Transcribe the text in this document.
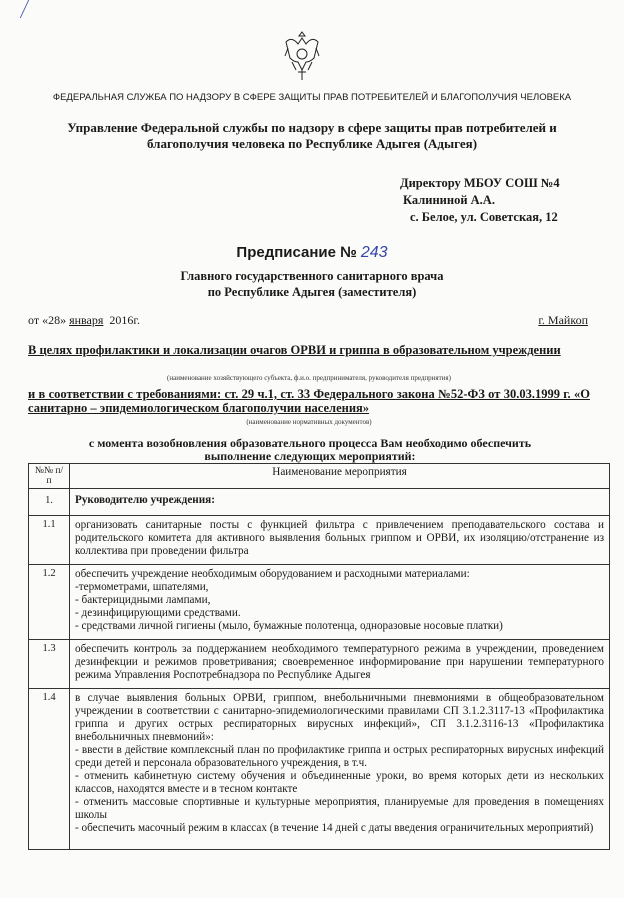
ФЕДЕРАЛЬНАЯ СЛУЖБА ПО НАДЗОРУ В СФЕРЕ ЗАЩИТЫ ПРАВ ПОТРЕБИТЕЛЕЙ И БЛАГОПОЛУЧИЯ ЧЕЛОВЕКА
Управление Федеральной службы по надзору в сфере защиты прав потребителей и благополучия человека по Республике Адыгея (Адыгея)
Директору МБОУ СОШ №4
Калининой А.А.
с. Белое, ул. Советская, 12
Предписание № 243
Главного государственного санитарного врача
по Республике Адыгея (заместителя)
от «28» января 2016г.	г. Майкоп
В целях профилактики и локализации очагов ОРВИ и гриппа в образовательном учреждении
(наименование хозяйствующего субъекта, ф.и.о. предпринимателя, руководителя предприятия)
и в соответствии с требованиями: ст. 29 ч.1, ст. 33 Федерального закона №52-ФЗ от 30.03.1999 г. «О санитарно – эпидемиологическом благополучии населения»
(наименование нормативных документов)
с момента возобновления образовательного процесса Вам необходимо обеспечить
выполнение следующих мероприятий:
№№ п/п	Наименование мероприятия
1.	Руководителю учреждения:
1.1	организовать санитарные посты с функцией фильтра с привлечением преподавательского состава и родительского комитета для активного выявления больных гриппом и ОРВИ, их изоляцию/отстранение из коллектива при проведении фильтра
1.2	обеспечить учреждение необходимым оборудованием и расходными материалами:
-термометрами, шпателями,
- бактерицидными лампами,
- дезинфицирующими средствами.
- средствами личной гигиены (мыло, бумажные полотенца, одноразовые носовые платки)

1.3	обеспечить контроль за поддержанием необходимого температурного режима в учреждении, проведением дезинфекции и режимов проветривания; своевременное информирование при нарушении температурного режима Управления Роспотребнадзора по Республике Адыгея
1.4	в случае выявления больных ОРВИ, гриппом, внебольничными пневмониями в общеобразовательном учреждении в соответствии с санитарно-эпидемиологическими правилами СП 3.1.2.3117-13 «Профилактика гриппа и других острых респираторных вирусных инфекций», СП 3.1.2.3116-13 «Профилактика внебольничных пневмоний»:
- ввести в действие комплексный план по профилактике гриппа и острых респираторных вирусных инфекций среди детей и персонала образовательного учреждения, в т.ч.
- отменить кабинетную систему обучения и объединенные уроки, во время которых дети из нескольких классов, находятся вместе и в тесном контакте
- отменить массовые спортивные и культурные мероприятия, планируемые для проведения в помещениях школы
- обеспечить масочный режим в классах (в течение 14 дней с даты введения ограничительных мероприятий)
